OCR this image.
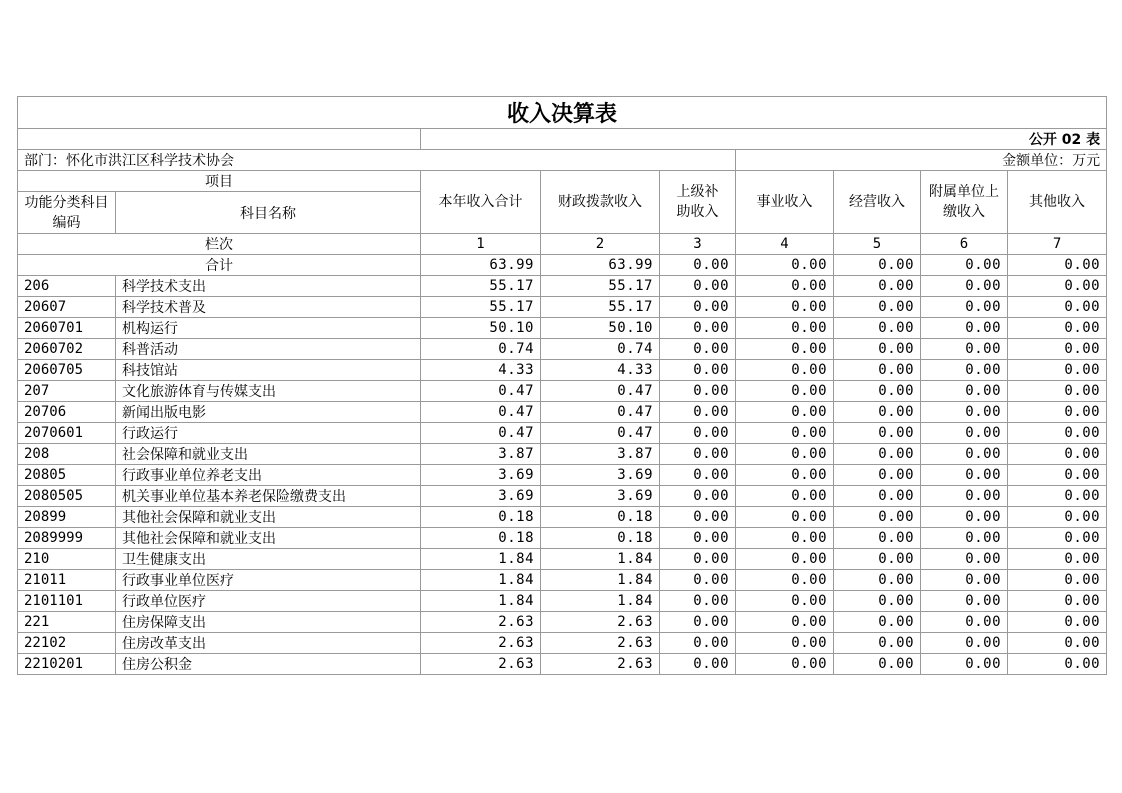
收入决算表								
		公开 02 表						
部门：怀化市洪江区科学技术协会					金额单位：万元			
项目		本年收入合计	财政拨款收入	上级补助收入	事业收入	经营收入	附属单位上缴收入	其他收入
功能分类科目编码	科目名称							
栏次		1	2	3	4	5	6	7
合计		63.99	63.99	0.00	0.00	0.00	0.00	0.00
206	科学技术支出	55.17	55.17	0.00	0.00	0.00	0.00	0.00
20607	科学技术普及	55.17	55.17	0.00	0.00	0.00	0.00	0.00
2060701	机构运行	50.10	50.10	0.00	0.00	0.00	0.00	0.00
2060702	科普活动	0.74	0.74	0.00	0.00	0.00	0.00	0.00
2060705	科技馆站	4.33	4.33	0.00	0.00	0.00	0.00	0.00
207	文化旅游体育与传媒支出	0.47	0.47	0.00	0.00	0.00	0.00	0.00
20706	新闻出版电影	0.47	0.47	0.00	0.00	0.00	0.00	0.00
2070601	行政运行	0.47	0.47	0.00	0.00	0.00	0.00	0.00
208	社会保障和就业支出	3.87	3.87	0.00	0.00	0.00	0.00	0.00
20805	行政事业单位养老支出	3.69	3.69	0.00	0.00	0.00	0.00	0.00
2080505	机关事业单位基本养老保险缴费支出	3.69	3.69	0.00	0.00	0.00	0.00	0.00
20899	其他社会保障和就业支出	0.18	0.18	0.00	0.00	0.00	0.00	0.00
2089999	其他社会保障和就业支出	0.18	0.18	0.00	0.00	0.00	0.00	0.00
210	卫生健康支出	1.84	1.84	0.00	0.00	0.00	0.00	0.00
21011	行政事业单位医疗	1.84	1.84	0.00	0.00	0.00	0.00	0.00
2101101	行政单位医疗	1.84	1.84	0.00	0.00	0.00	0.00	0.00
221	住房保障支出	2.63	2.63	0.00	0.00	0.00	0.00	0.00
22102	住房改革支出	2.63	2.63	0.00	0.00	0.00	0.00	0.00
2210201	住房公积金	2.63	2.63	0.00	0.00	0.00	0.00	0.00
